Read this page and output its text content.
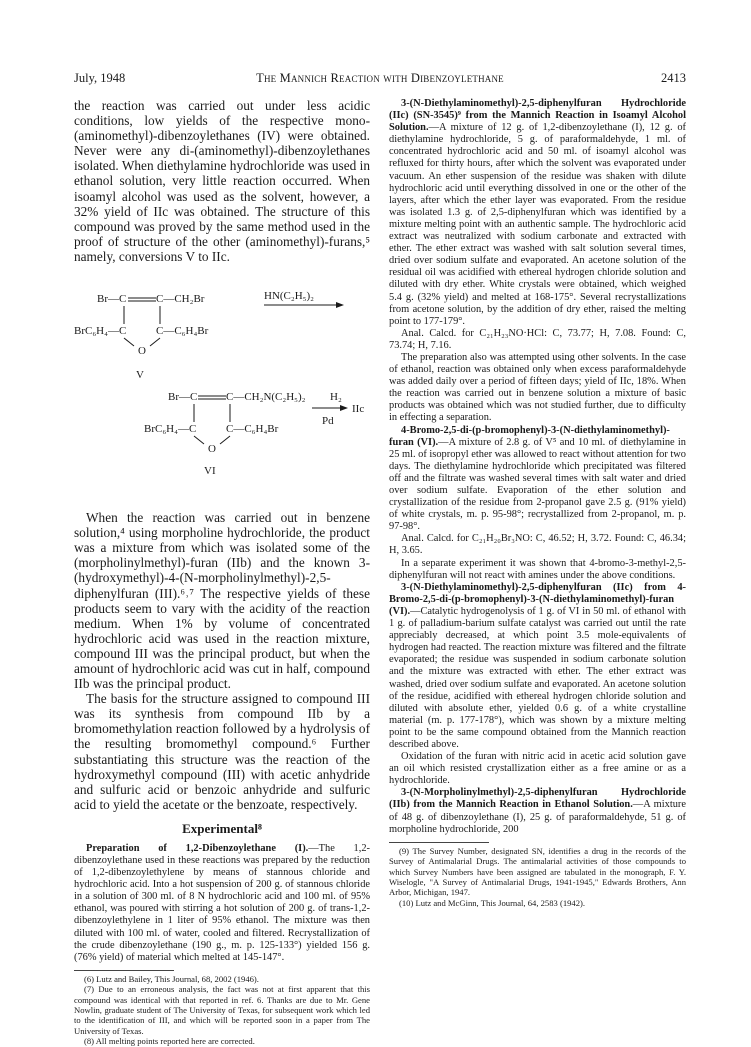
July, 1948	The Mannich Reaction with Dibenzoylethane	2413

the reaction was carried out under less acidic conditions, low yields of the respective mono-(aminomethyl)-dibenzoylethanes (IV) were obtained. Never were any di-(aminomethyl)-dibenzoylethanes isolated. When diethylamine hydrochloride was used in ethanol solution, very little reaction occurred. When isoamyl alcohol was used as the solvent, however, a 32% yield of IIc was obtained. The structure of this compound was proved by the same method used in the proof of structure of the other (aminomethyl)-furans,⁵ namely, conversions V to IIc.

Br—C	C—CH₂Br	HN(C₂H₅)₂
BrC₆H₄—C	C—C₆H₄Br
O
V
Br—C	C—CH₂N(C₂H₅)₂ H₂
IIc
Pd
BrC₆H₄—C	C—C₆H₄Br
O
VI

When the reaction was carried out in benzene solution,⁴ using morpholine hydrochloride, the product was a mixture from which was isolated some of the (morpholinylmethyl)-furan (IIb) and the known 3-(hydroxymethyl)-4-(N-morpholinylmethyl)-2,5-diphenylfuran (III).⁶˒⁷ The respective yields of these products seem to vary with the acidity of the reaction medium. When 1% by volume of concentrated hydrochloric acid was used in the reaction mixture, compound III was the principal product, but when the amount of hydrochloric acid was cut in half, compound IIb was the principal product.

The basis for the structure assigned to compound III was its synthesis from compound IIb by a bromomethylation reaction followed by a hydrolysis of the resulting bromomethyl compound.⁶ Further substantiating this structure was the reaction of the hydroxymethyl compound (III) with acetic anhydride and sulfuric acid or benzoic anhydride and sulfuric acid to yield the acetate or the benzoate, respectively.

Experimental⁸

Preparation of 1,2-Dibenzoylethane (I).—The 1,2-dibenzoylethane used in these reactions was prepared by the reduction of 1,2-dibenzoylethylene by means of stannous chloride and hydrochloric acid. Into a hot suspension of 200 g. of stannous chloride in a solution of 300 ml. of 8 N hydrochloric acid and 100 ml. of 95% ethanol, was poured with stirring a hot solution of 200 g. of trans-1,2-dibenzoylethylene in 1 liter of 95% ethanol. The mixture was then diluted with 100 ml. of water, cooled and filtered. Recrystallization of the crude dibenzoylethane (190 g., m. p. 125-133°) yielded 156 g. (76% yield) of material which melted at 145-147°.

(6) Lutz and Bailey, This Journal, 68, 2002 (1946).

(7) Due to an erroneous analysis, the fact was not at first apparent that this compound was identical with that reported in ref. 6. Thanks are due to Mr. Gene Nowlin, graduate student of The University of Texas, for subsequent work which led to the identification of III, and which will be reported soon in a paper from The University of Texas.

(8) All melting points reported here are corrected.

3-(N-Diethylaminomethyl)-2,5-diphenylfuran Hydrochloride (IIc) (SN-3545)⁹ from the Mannich Reaction in Isoamyl Alcohol Solution.—A mixture of 12 g. of 1,2-dibenzoylethane (I), 12 g. of diethylamine hydrochloride, 5 g. of paraformaldehyde, 1 ml. of concentrated hydrochloric acid and 50 ml. of isoamyl alcohol was refluxed for thirty hours, after which the solvent was evaporated under vacuum. An ether suspension of the residue was shaken with dilute hydrochloric acid until everything dissolved in one or the other of the layers, after which the ether layer was evaporated. From the residue was isolated 1.3 g. of 2,5-diphenylfuran which was identified by a mixture melting point with an authentic sample. The hydrochloric acid extract was neutralized with sodium carbonate and extracted with ether. The ether extract was washed with salt solution several times, dried over sodium sulfate and evaporated. An acetone solution of the residual oil was acidified with ethereal hydrogen chloride solution and diluted with dry ether. White crystals were obtained, which weighed 5.4 g. (32% yield) and melted at 168-175°. Several recrystallizations from acetone solution, by the addition of dry ether, raised the melting point to 177-179°.

Anal. Calcd. for C₂₁H₂₃NO·HCl: C, 73.77; H, 7.08. Found: C, 73.74; H, 7.16.

The preparation also was attempted using other solvents. In the case of ethanol, reaction was obtained only when excess paraformaldehyde was added daily over a period of fifteen days; yield of IIc, 18%. When the reaction was carried out in benzene solution a mixture of basic products was obtained which was not studied further, due to difficulty in effecting a separation.

4-Bromo-2,5-di-(p-bromophenyl)-3-(N-diethylaminomethyl)-furan (VI).—A mixture of 2.8 g. of V⁵ and 10 ml. of diethylamine in 25 ml. of isopropyl ether was allowed to react without attention for two days. The diethylamine hydrochloride which precipitated was filtered off and the filtrate was washed several times with salt water and dried over sodium sulfate. Evaporation of the ether solution and crystallization of the residue from 2-propanol gave 2.5 g. (91% yield) of white crystals, m. p. 95-98°; recrystallized from 2-propanol, m. p. 97-98°.

Anal. Calcd. for C₂₁H₂₀Br₃NO: C, 46.52; H, 3.72. Found: C, 46.34; H, 3.65.

In a separate experiment it was shown that 4-bromo-3-methyl-2,5-diphenylfuran will not react with amines under the above conditions.

3-(N-Diethylaminomethyl)-2,5-diphenylfuran (IIc) from 4-Bromo-2,5-di-(p-bromophenyl)-3-(N-diethylaminomethyl)-furan (VI).—Catalytic hydrogenolysis of 1 g. of VI in 50 ml. of ethanol with 1 g. of palladium-barium sulfate catalyst was carried out until the rate appreciably decreased, at which point 3.5 mole-equivalents of hydrogen had reacted. The reaction mixture was filtered and the filtrate evaporated; the residue was suspended in sodium carbonate solution and the mixture was extracted with ether. The ether extract was washed, dried over sodium sulfate and evaporated. An acetone solution of the residue, acidified with ethereal hydrogen chloride solution and diluted with absolute ether, yielded 0.6 g. of a white crystalline material (m. p. 177-178°), which was shown by a mixture melting point to be the same compound obtained from the Mannich reaction described above.

Oxidation of the furan with nitric acid in acetic acid solution gave an oil which resisted crystallization either as a free amine or as a hydrochloride.

3-(N-Morpholinylmethyl)-2,5-diphenylfuran Hydrochloride (IIb) from the Mannich Reaction in Ethanol Solution.—A mixture of 48 g. of dibenzoylethane (I), 25 g. of paraformaldehyde, 51 g. of morpholine hydrochloride, 200

(9) The Survey Number, designated SN, identifies a drug in the records of the Survey of Antimalarial Drugs. The antimalarial activities of those compounds to which Survey Numbers have been assigned are tabulated in the monograph, F. Y. Wiselogle, "A Survey of Antimalarial Drugs, 1941-1945," Edwards Brothers, Ann Arbor, Michigan, 1947.

(10) Lutz and McGinn, This Journal, 64, 2583 (1942).
